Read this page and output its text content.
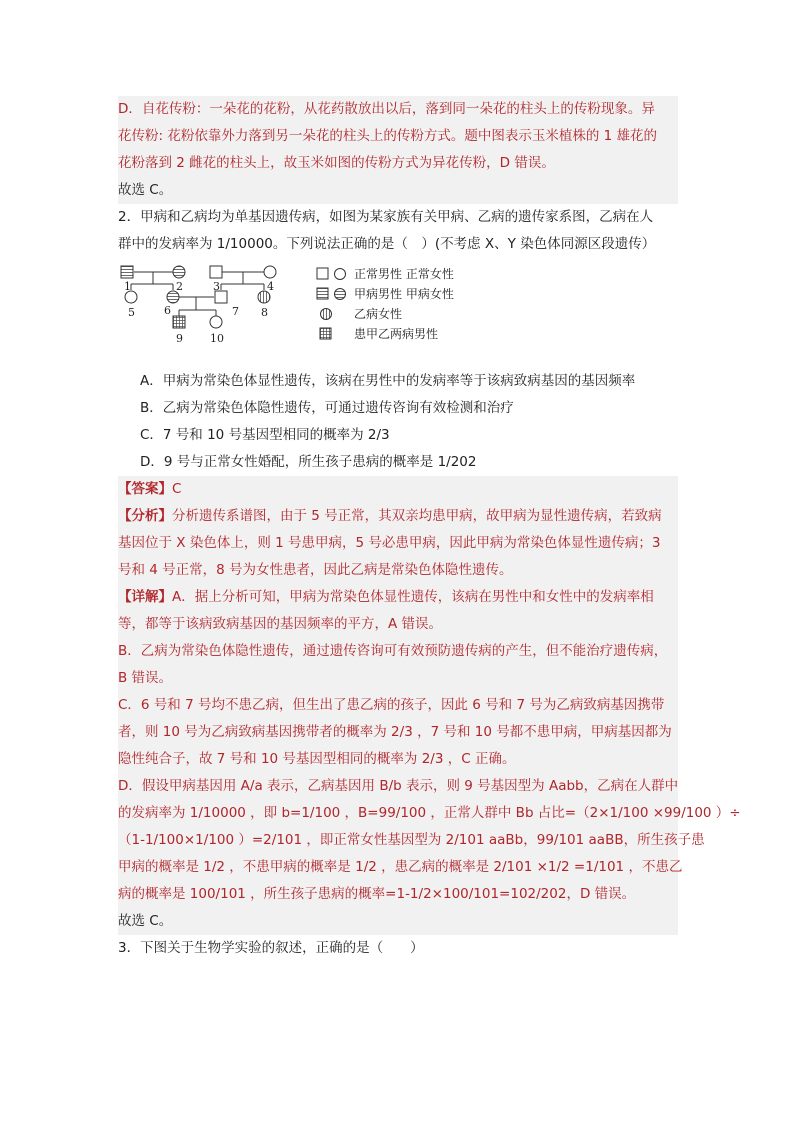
D．自花传粉：一朵花的花粉，从花药散放出以后，落到同一朵花的柱头上的传粉现象。异
花传粉: 花粉依靠外力落到另一朵花的柱头上的传粉方式。题中图表示玉米植株的 1 雄花的
花粉落到 2 雌花的柱头上，故玉米如图的传粉方式为异花传粉，D 错误。
故选 C。
2．甲病和乙病均为单基因遗传病，如图为某家族有关甲病、乙病的遗传家系图，乙病在人
群中的发病率为 1/10000。下列说法正确的是（　）(不考虑 X、Y 染色体同源区段遗传）
1	2	3	4
5	6	7 8
9 10
正常男性 正常女性
甲病男性 甲病女性
乙病女性
患甲乙两病男性
A．甲病为常染色体显性遗传，该病在男性中的发病率等于该病致病基因的基因频率
B．乙病为常染色体隐性遗传，可通过遗传咨询有效检测和治疗
C．7 号和 10 号基因型相同的概率为 2/3
D．9 号与正常女性婚配，所生孩子患病的概率是 1/202
【答案】C
【分析】分析遗传系谱图，由于 5 号正常，其双亲均患甲病，故甲病为显性遗传病，若致病
基因位于 X 染色体上，则 1 号患甲病，5 号必患甲病，因此甲病为常染色体显性遗传病；3
号和 4 号正常，8 号为女性患者，因此乙病是常染色体隐性遗传。
【详解】A．据上分析可知，甲病为常染色体显性遗传，该病在男性中和女性中的发病率相
等，都等于该病致病基因的基因频率的平方，A 错误。
B．乙病为常染色体隐性遗传，通过遗传咨询可有效预防遗传病的产生，但不能治疗遗传病，
B 错误。
C．6 号和 7 号均不患乙病，但生出了患乙病的孩子，因此 6 号和 7 号为乙病致病基因携带
者，则 10 号为乙病致病基因携带者的概率为 2/3 ，7 号和 10 号都不患甲病，甲病基因都为
隐性纯合子，故 7 号和 10 号基因型相同的概率为 2/3 ，C 正确。
D．假设甲病基因用 A/a 表示，乙病基因用 B/b 表示，则 9 号基因型为 Aabb，乙病在人群中
的发病率为 1/10000 ，即 b=1/100 ，B=99/100 ，正常人群中 Bb 占比=（2×1/100 ×99/100 ）÷
（1-1/100×1/100 ）=2/101 ，即正常女性基因型为 2/101 aaBb，99/101 aaBB，所生孩子患
甲病的概率是 1/2 ，不患甲病的概率是 1/2 ，患乙病的概率是 2/101 ×1/2 =1/101 ，不患乙
病的概率是 100/101 ，所生孩子患病的概率=1-1/2×100/101=102/202，D 错误。
故选 C。
3．下图关于生物学实验的叙述，正确的是（　　）
